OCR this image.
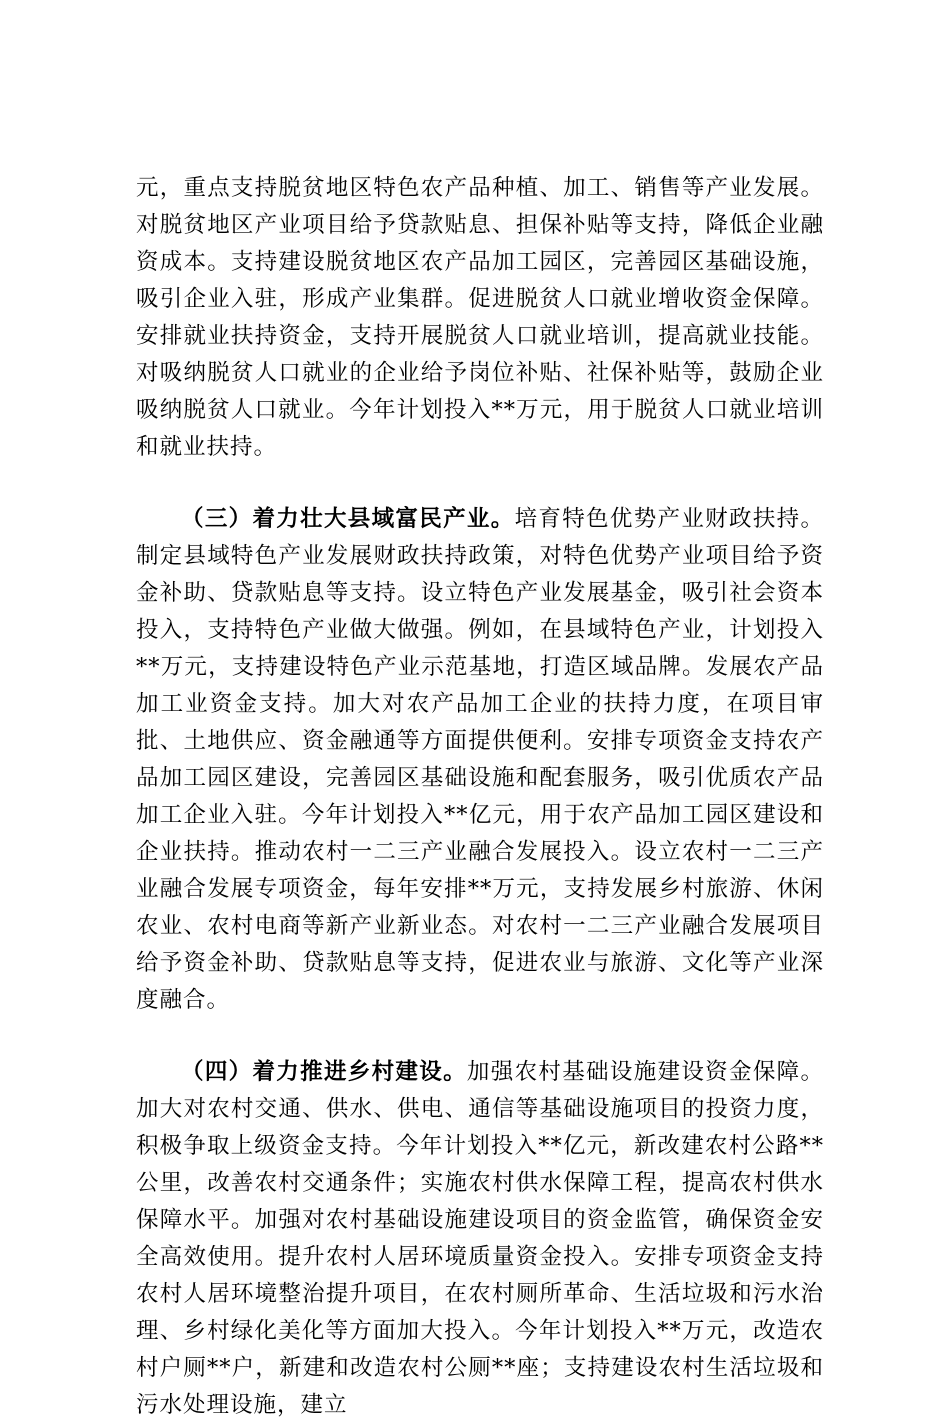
元，重点支持脱贫地区特色农产品种植、加工、销售等产业发展。对脱贫地区产业项目给予贷款贴息、担保补贴等支持，降低企业融资成本。支持建设脱贫地区农产品加工园区，完善园区基础设施，吸引企业入驻，形成产业集群。促进脱贫人口就业增收资金保障。安排就业扶持资金，支持开展脱贫人口就业培训，提高就业技能。对吸纳脱贫人口就业的企业给予岗位补贴、社保补贴等，鼓励企业吸纳脱贫人口就业。今年计划投入**万元，用于脱贫人口就业培训和就业扶持。

（三）着力壮大县域富民产业。培育特色优势产业财政扶持。制定县域特色产业发展财政扶持政策，对特色优势产业项目给予资金补助、贷款贴息等支持。设立特色产业发展基金，吸引社会资本投入，支持特色产业做大做强。例如，在县域特色产业，计划投入**万元，支持建设特色产业示范基地，打造区域品牌。发展农产品加工业资金支持。加大对农产品加工企业的扶持力度，在项目审批、土地供应、资金融通等方面提供便利。安排专项资金支持农产品加工园区建设，完善园区基础设施和配套服务，吸引优质农产品加工企业入驻。今年计划投入**亿元，用于农产品加工园区建设和企业扶持。推动农村一二三产业融合发展投入。设立农村一二三产业融合发展专项资金，每年安排**万元，支持发展乡村旅游、休闲农业、农村电商等新产业新业态。对农村一二三产业融合发展项目给予资金补助、贷款贴息等支持，促进农业与旅游、文化等产业深度融合。

（四）着力推进乡村建设。加强农村基础设施建设资金保障。加大对农村交通、供水、供电、通信等基础设施项目的投资力度，积极争取上级资金支持。今年计划投入**亿元，新改建农村公路**公里，改善农村交通条件；实施农村供水保障工程，提高农村供水保障水平。加强对农村基础设施建设项目的资金监管，确保资金安全高效使用。提升农村人居环境质量资金投入。安排专项资金支持农村人居环境整治提升项目，在农村厕所革命、生活垃圾和污水治理、乡村绿化美化等方面加大投入。今年计划投入**万元，改造农村户厕**户，新建和改造农村公厕**座；支持建设农村生活垃圾和污水处理设施，建立
